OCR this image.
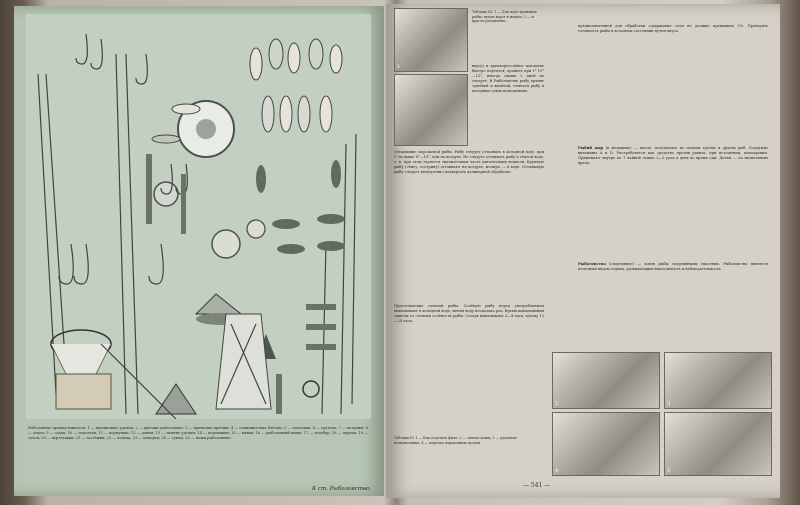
Рыболовные принадлежности: 1 — пшеничные удочки; 2 — крючки рыболовные; 3 — приманки крючки; 4 — спиннинговые блёсны; 5 — поплавки; 6 — грузила; 7 — катушки; 8 — отцеп; 9 — садок; 10 — подсачек; 11 — кормушки; 12 — донки; 13 — зимние удочки; 14 — мормышки; 15 — кивки; 16 — рыболовный ящик; 17 — ледобур; 18 — черпак; 19 — сачок; 20 — вертлюжки; 21 — застёжки; 22 — кольца; 23 — поводки; 24 — сумка; 25 — ножи рыболовные.
К ст. Рыболовство.
1
Таблица III. 1 — Для пере-хранения рыбы: пучок ворот в мешке; 2 — и кругло-распилены...
вкусу) и крепкоросолёноe копчение быстро портятся; хранить при t° 10°—15°, иногда свыше 2 дней не следует. В Рыболовстве рыбу хранят сушёной и вялёной, отмечая рыбу в холодных сухих помещениях.
Оттаивание мороженой рыбы. Рыбу следует оттаивать в холодной воде, при t° не выше 8°—10°, или на воздухе. Не следует оттаивать рыбу в тёплой воде, т. к. при этом теряется значительная часть питательных веществ. Крупную рыбу (сёмгу, осетрину) оттаивают на воздухе, мелкую — в воде. Оттаявшую рыбу следует немедленно подвергать кулинарной обработке.
Приготовление соленой рыбы. Солёную рыбу перед употреблением вымачивают в холодной воде, меняя воду несколько раз. Время вымачивания зависит от степени солёности рыбы. Сельдь вымачивают 2—4 часа, треску 12—24 часа.
предназначенной для обработки содержание соли не должно превышать 5%. Проверить готовность рыбы в холодном состоянии путем вкуса.
Рыбий жир (в медицине) — масло, получаемое из печени трески и других рыб. Содержит витамины A и D. Употребляется как средство против рахита, при истощении, малокровии. Принимают внутрь по 1 чайной ложке 2—3 раза в день во время еды. Детям — по назначению врача.
Рыболовство (спортивное) — ловля рыбы спортивными снастями. Рыболовство является полезным видом отдыха, развивающим выносливость и наблюдательность.
2	3
4	5
Таблица IV. 1 — Как отделять филе: 2 — снятие кожи; 3 — удаление позвоночника; 4 — нарезка порционных кусков.
— 541 —
